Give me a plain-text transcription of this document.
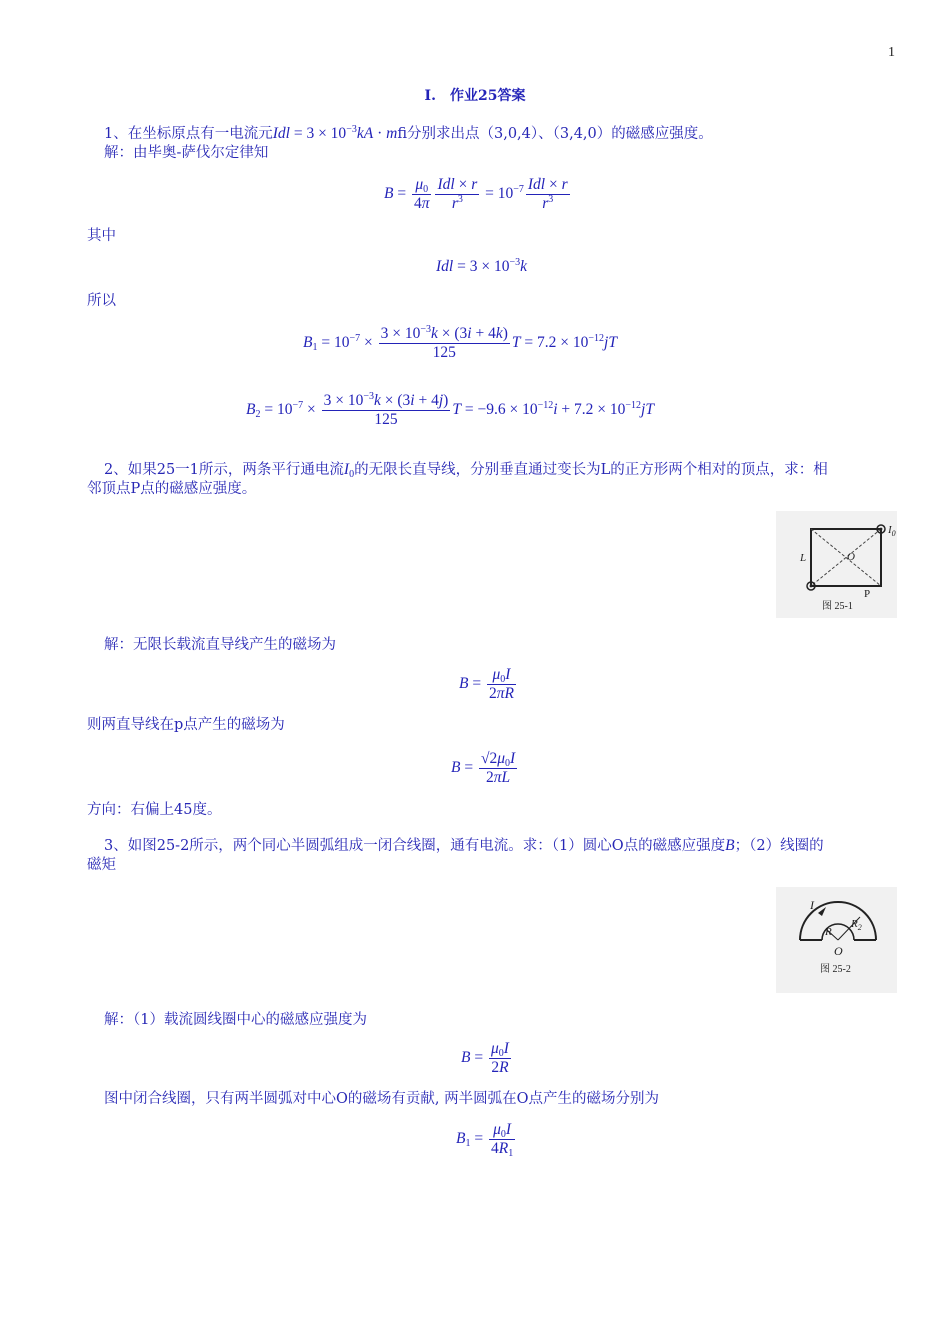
1
I. 作业25答案
1、在坐标原点有一电流元Idl = $3 \times 10^{-3}kA$ · mfi分别求出点（3,0,4）、（3,4,0）的磁感应强度。
解：由毕奥-萨伐尔定律知
$B = \frac{\mu_0}{4\pi} \frac{\text{Idl × r}}{r^3} = 10^{-7} \frac{\text{Idl × r}}{r^3}$
其中
Idl = $3 \times 10^{-3}k$
所以
$B_1 = 10^{-7} \times \frac{3 \times 10^{-3}k \times (3i + 4k)}{125}$ $T = 7.2 \times 10^{-12}jT$
$B_2 = 10^{-7} \times \frac{3 \times 10^{-3}k \times (3i + 4j)}{125}$ $T = -9.6 \times 10^{-12}i + 7.2 \times 10^{-12}jT$
2、如果25一1所示，两条平行通电流$I_0$的无限长直导线，分别垂直通过变长为L的正方形两个相对的顶点，求：相
邻顶点P点的磁感应强度。
$I_0$
L	O
P
图 25-1
解：无限长载流直导线产生的磁场为
$B = \frac{\mu_0I}{2\pi R}$
则两直导线在p点产生的磁场为
$B = \frac{√2\mu_0I}{2\pi L}$
方向：右偏上45度。
3、如图25-2所示，两个同心半圆弧组成一闭合线圈，通有电流。求：（1）圆心O点的磁感应强度B；（2）线圈的
磁矩
I
R
$R_2$
O
图 25-2
解：（1）载流圆线圈中心的磁感应强度为
$B = \frac{\mu_0I}{2R}$
图中闭合线圈，只有两半圆弧对中心O的磁场有贡献, 两半圆弧在O点产生的磁场分别为
$B_1 = \frac{\mu_0I}{4R_1}$
